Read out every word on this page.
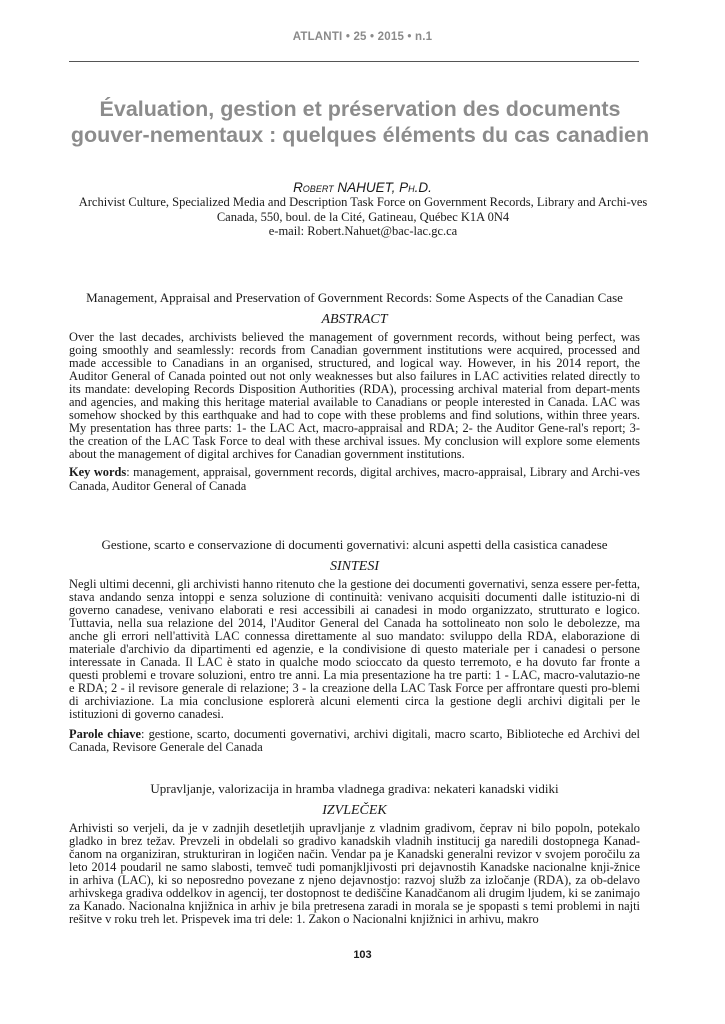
ATLANTI • 25 • 2015 • n.1
Évaluation, gestion et préservation des documents gouver-nementaux : quelques éléments du cas canadien
Robert NAHUET, Ph.D.

Archivist Culture, Specialized Media and Description Task Force on Government Records, Library and Archi-ves Canada, 550, boul. de la Cité, Gatineau, Québec K1A 0N4
e-mail: Robert.Nahuet@bac-lac.gc.ca

Management, Appraisal and Preservation of Government Records: Some Aspects of the Canadian Case

ABSTRACT

Over the last decades, archivists believed the management of government records, without being perfect, was going smoothly and seamlessly: records from Canadian government institutions were acquired, processed and made accessible to Canadians in an organised, structured, and logical way. However, in his 2014 report, the Auditor General of Canada pointed out not only weaknesses but also failures in LAC activities related directly to its mandate: developing Records Disposition Authorities (RDA), processing archival material from depart-ments and agencies, and making this heritage material available to Canadians or people interested in Canada. LAC was somehow shocked by this earthquake and had to cope with these problems and find solutions, within three years. My presentation has three parts: 1- the LAC Act, macro-appraisal and RDA; 2- the Auditor Gene-ral's report; 3- the creation of the LAC Task Force to deal with these archival issues. My conclusion will explore some elements about the management of digital archives for Canadian government institutions.

Key words: management, appraisal, government records, digital archives, macro-appraisal, Library and Archi-ves Canada, Auditor General of Canada

Gestione, scarto e conservazione di documenti governativi: alcuni aspetti della casistica canadese

SINTESI

Negli ultimi decenni, gli archivisti hanno ritenuto che la gestione dei documenti governativi, senza essere per-fetta, stava andando senza intoppi e senza soluzione di continuità: venivano acquisiti documenti dalle istituzio-ni di governo canadese, venivano elaborati e resi accessibili ai canadesi in modo organizzato, strutturato e logico. Tuttavia, nella sua relazione del 2014, l'Auditor General del Canada ha sottolineato non solo le debolezze, ma anche gli errori nell'attività LAC connessa direttamente al suo mandato: sviluppo della RDA, elaborazione di materiale d'archivio da dipartimenti ed agenzie, e la condivisione di questo materiale per i canadesi o persone interessate in Canada. Il LAC è stato in qualche modo scioccato da questo terremoto, e ha dovuto far fronte a questi problemi e trovare soluzioni, entro tre anni. La mia presentazione ha tre parti: 1 - LAC, macro-valutazio-ne e RDA; 2 - il revisore generale di relazione; 3 - la creazione della LAC Task Force per affrontare questi pro-blemi di archiviazione. La mia conclusione esplorerà alcuni elementi circa la gestione degli archivi digitali per le istituzioni di governo canadesi.

Parole chiave: gestione, scarto, documenti governativi, archivi digitali, macro scarto, Biblioteche ed Archivi del Canada, Revisore Generale del Canada

Upravljanje, valorizacija in hramba vladnega gradiva: nekateri kanadski vidiki

IZVLEČEK

Arhivisti so verjeli, da je v zadnjih desetletjih upravljanje z vladnim gradivom, čeprav ni bilo popoln, potekalo gladko in brez težav. Prevzeli in obdelali so gradivo kanadskih vladnih institucij ga naredili dostopnega Kanad-čanom na organiziran, strukturiran in logičen način. Vendar pa je Kanadski generalni revizor v svojem poročilu za leto 2014 poudaril ne samo slabosti, temveč tudi pomanjkljivosti pri dejavnostih Kanadske nacionalne knji-žnice in arhiva (LAC), ki so neposredno povezane z njeno dejavnostjo: razvoj služb za izločanje (RDA), za ob-delavo arhivskega gradiva oddelkov in agencij, ter dostopnost te dediščine Kanadčanom ali drugim ljudem, ki se zanimajo za Kanado. Nacionalna knjižnica in arhiv je bila pretresena zaradi in morala se je spopasti s temi problemi in najti rešitve v roku treh let. Prispevek ima tri dele: 1. Zakon o Nacionalni knjižnici in arhivu, makro

103
